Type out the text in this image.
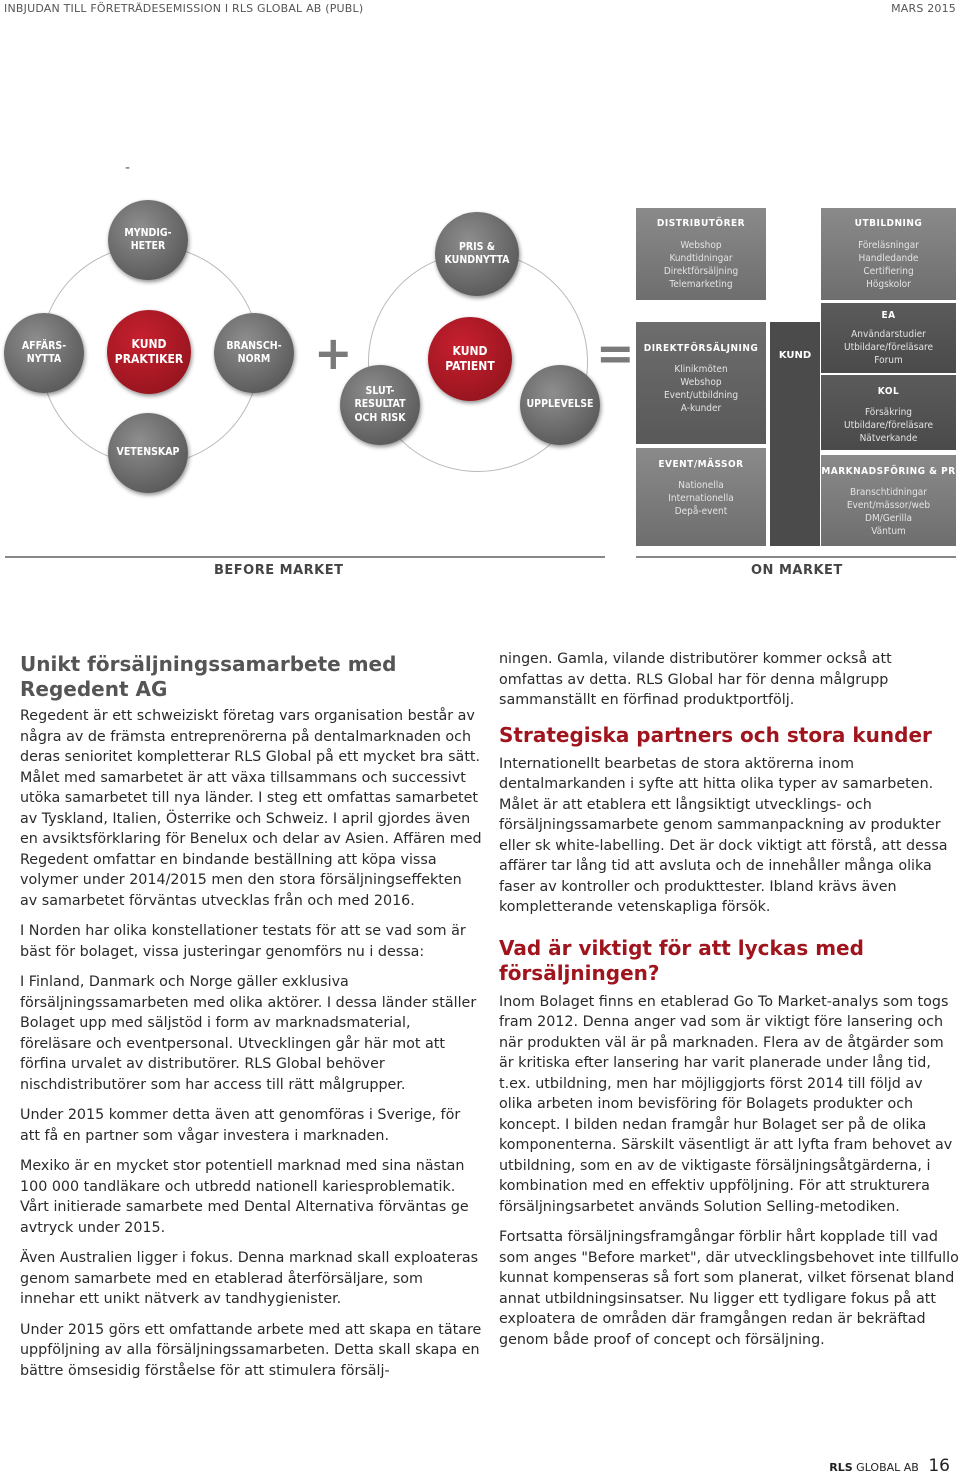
INBJUDAN TILL FÖRETRÄDESEMISSION I RLS GLOBAL AB (PUBL)	MARS 2015
-
MYNDIG-
HETER
AFFÄRS-
NYTTA
KUND
PRAKTIKER
BRANSCH-
NORM
VETENSKAP
+
PRIS &
KUNDNYTTA
KUND
PATIENT
SLUT-
RESULTAT
OCH RISK
UPPLEVELSE
=
DISTRIBUTÖRER
Webshop
Kundtidningar
Direktförsäljning
Telemarketing
UTBILDNING
Föreläsningar
Handledande
Certifiering
Högskolor
DIREKTFÖRSÄLJNING
Klinikmöten
Webshop
Event/utbildning
A-kunder
KUND
EA
Användarstudier
Utbildare/föreläsare
Forum
KOL
Försäkring
Utbildare/föreläsare
Nätverkande
EVENT/MÄSSOR
Nationella
Internationella
Depå-event
MARKNADSFÖRING & PR
Branschtidningar
Event/mässor/web
DM/Gerilla
Väntum
BEFORE MARKET	ON MARKET
Unikt försäljningssamarbete med Regedent AG

Regedent är ett schweiziskt företag vars organisation består av några av de främsta entreprenörerna på dentalmarknaden och deras senioritet kompletterar RLS Global på ett mycket bra sätt. Målet med samarbetet är att växa tillsammans och successivt utöka samarbetet till nya länder. I steg ett omfattas samarbetet av Tyskland, Italien, Österrike och Schweiz. I april gjordes även en avsiktsförklaring för Benelux och delar av Asien. Affären med Regedent omfattar en bindande beställning att köpa vissa volymer under 2014/2015 men den stora försäljningseffekten av samarbetet förväntas utvecklas från och med 2016.

I Norden har olika konstellationer testats för att se vad som är bäst för bolaget, vissa justeringar genomförs nu i dessa:

I Finland, Danmark och Norge gäller exklusiva försäljningssamarbeten med olika aktörer. I dessa länder ställer Bolaget upp med säljstöd i form av marknadsmaterial, föreläsare och eventpersonal. Utvecklingen går här mot att förfina urvalet av distributörer. RLS Global behöver nischdistributörer som har access till rätt målgrupper.

Under 2015 kommer detta även att genomföras i Sverige, för att få en partner som vågar investera i marknaden.

Mexiko är en mycket stor potentiell marknad med sina nästan 100 000 tandläkare och utbredd nationell kariesproblematik. Vårt initierade samarbete med Dental Alternativa förväntas ge avtryck under 2015.

Även Australien ligger i fokus. Denna marknad skall exploateras genom samarbete med en etablerad återförsäljare, som innehar ett unikt nätverk av tandhygienister.

Under 2015 görs ett omfattande arbete med att skapa en tätare uppföljning av alla försäljningssamarbeten. Detta skall skapa en bättre ömsesidig förståelse för att stimulera försälj-

ningen. Gamla, vilande distributörer kommer också att omfattas av detta. RLS Global har för denna målgrupp sammanställt en förfinad produktportfölj.

Strategiska partners och stora kunder

Internationellt bearbetas de stora aktörerna inom dentalmarkanden i syfte att hitta olika typer av samarbeten. Målet är att etablera ett långsiktigt utvecklings- och försäljningssamarbete genom sammanpackning av produkter eller sk white-labelling. Det är dock viktigt att förstå, att dessa affärer tar lång tid att avsluta och de innehåller många olika faser av kontroller och produkttester. Ibland krävs även kompletterande vetenskapliga försök.

Vad är viktigt för att lyckas med försäljningen?

Inom Bolaget finns en etablerad Go To Market-analys som togs fram 2012. Denna anger vad som är viktigt före lansering och när produkten väl är på marknaden. Flera av de åtgärder som är kritiska efter lansering har varit planerade under lång tid, t.ex. utbildning, men har möjliggjorts först 2014 till följd av olika arbeten inom bevisföring för Bolagets produkter och koncept. I bilden nedan framgår hur Bolaget ser på de olika komponenterna. Särskilt väsentligt är att lyfta fram behovet av utbildning, som en av de viktigaste försäljningsåtgärderna, i kombination med en effektiv uppföljning. För att strukturera försäljningsarbetet används Solution Selling-metodiken.

Fortsatta försäljningsframgångar förblir hårt kopplade till vad som anges "Before market", där utvecklingsbehovet inte tillfullo kunnat kompenseras så fort som planerat, vilket försenat bland annat utbildningsinsatser. Nu ligger ett tydligare fokus på att exploatera de områden där framgången redan är bekräftad genom både proof of concept och försäljning.

RLS GLOBAL AB 16
